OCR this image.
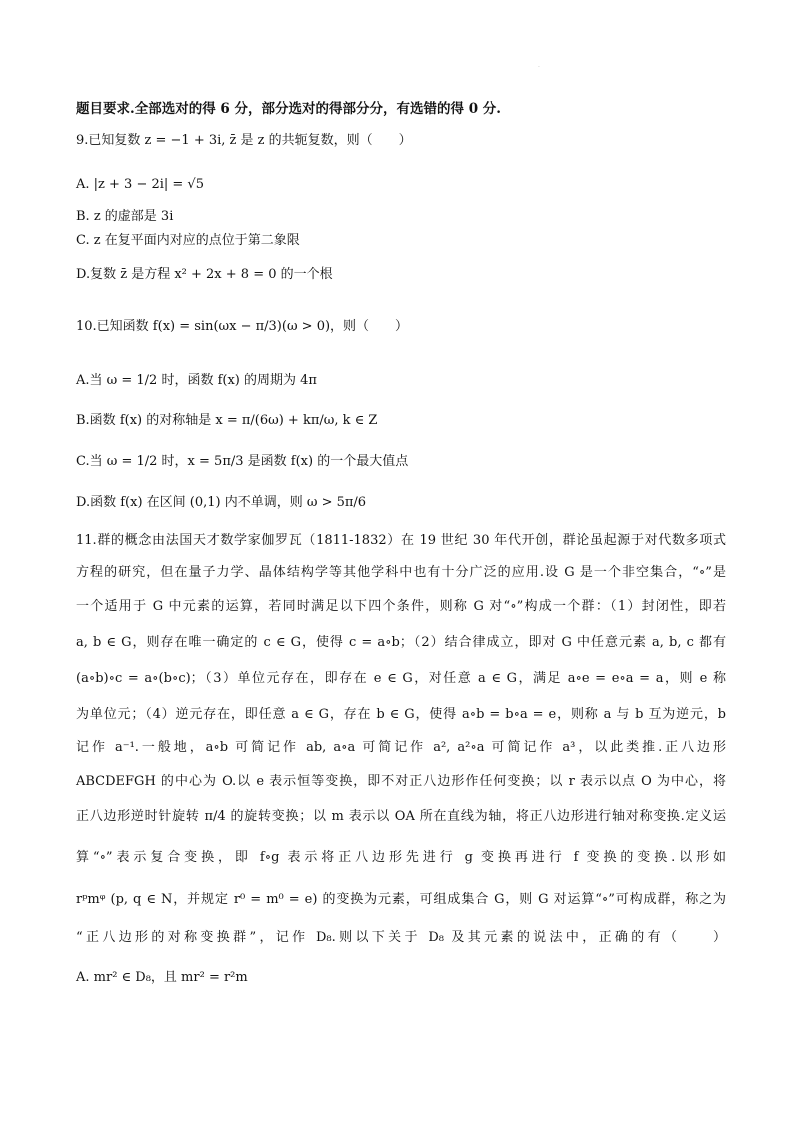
·
题目要求.全部选对的得 6 分，部分选对的得部分分，有选错的得 0 分.
9.已知复数 z = −1 + 3i, z̄ 是 z 的共轭复数，则（　　）
A. |z + 3 − 2i| = √5
B. z 的虚部是 3i
C. z 在复平面内对应的点位于第二象限
D.复数 z̄ 是方程 x² + 2x + 8 = 0 的一个根
10.已知函数 f(x) = sin(ωx − π/3)(ω > 0)，则（　　）
A.当 ω = 1/2 时，函数 f(x) 的周期为 4π
B.函数 f(x) 的对称轴是 x = π/(6ω) + kπ/ω, k ∈ Z
C.当 ω = 1/2 时，x = 5π/3 是函数 f(x) 的一个最大值点
D.函数 f(x) 在区间 (0,1) 内不单调，则 ω > 5π/6
11.群的概念由法国天才数学家伽罗瓦（1811-1832）在 19 世纪 30 年代开创，群论虽起源于对代数多项式
方程的研究，但在量子力学、晶体结构学等其他学科中也有十分广泛的应用.设 G 是一个非空集合，“∘”是
一个适用于 G 中元素的运算，若同时满足以下四个条件，则称 G 对“∘”构成一个群：（1）封闭性，即若
a, b ∈ G，则存在唯一确定的 c ∈ G，使得 c = a∘b；（2）结合律成立，即对 G 中任意元素 a, b, c 都有
(a∘b)∘c = a∘(b∘c)；（3）单位元存在，即存在 e ∈ G，对任意 a ∈ G，满足 a∘e = e∘a = a，则 e 称
为单位元；（4）逆元存在，即任意 a ∈ G，存在 b ∈ G，使得 a∘b = b∘a = e，则称 a 与 b 互为逆元，b
记作 a⁻¹.一般地，a∘b 可简记作 ab, a∘a 可简记作 a², a²∘a 可简记作 a³，以此类推.正八边形
ABCDEFGH 的中心为 O.以 e 表示恒等变换，即不对正八边形作任何变换；以 r 表示以点 O 为中心，将
正八边形逆时针旋转 π/4 的旋转变换；以 m 表示以 OA 所在直线为轴，将正八边形进行轴对称变换.定义运
算“∘”表示复合变换，即 f∘g 表示将正八边形先进行 g 变换再进行 f 变换的变换.以形如
rᵖmᵠ (p, q ∈ N，并规定 r⁰ = m⁰ = e) 的变换为元素，可组成集合 G，则 G 对运算“∘”可构成群，称之为
“正八边形的对称变换群”，记作 D₈.则以下关于 D₈ 及其元素的说法中，正确的有（　　）
A. mr² ∈ D₈，且 mr² = r²m
